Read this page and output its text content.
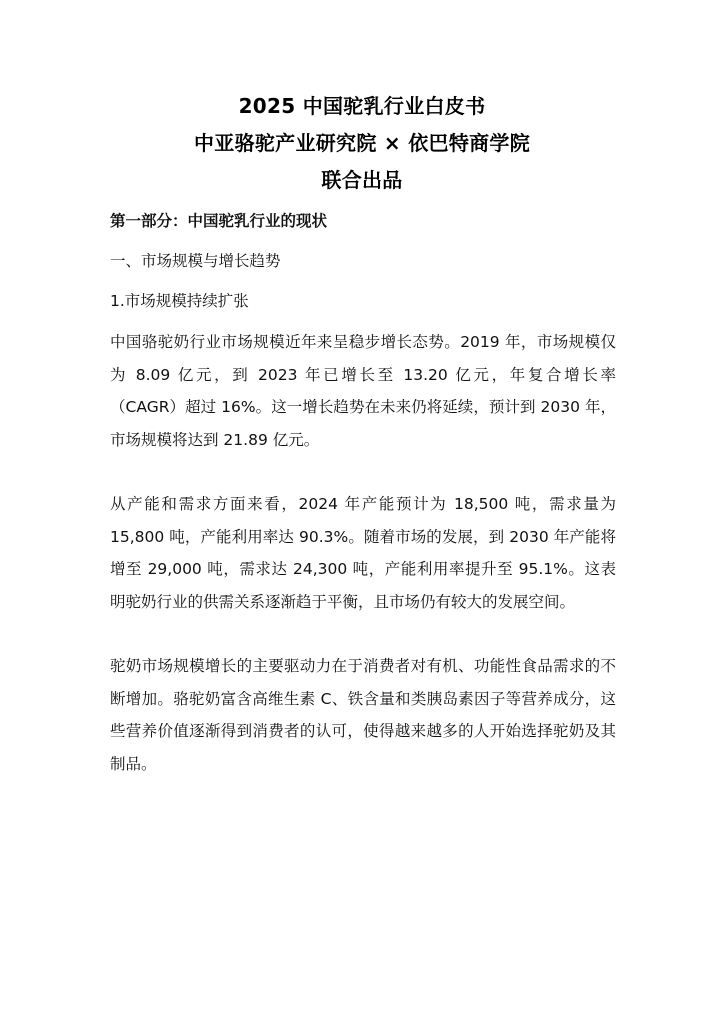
2025 中国驼乳行业白皮书
中亚骆驼产业研究院 × 依巴特商学院
联合出品
第一部分：中国驼乳行业的现状
一、市场规模与增长趋势
1.市场规模持续扩张

中国骆驼奶行业市场规模近年来呈稳步增长态势。2019 年，市场规模仅为 8.09 亿元，到 2023 年已增长至 13.20 亿元，年复合增长率（CAGR）超过 16%。这一增长趋势在未来仍将延续，预计到 2030 年，市场规模将达到 21.89 亿元。

从产能和需求方面来看，2024 年产能预计为 18,500 吨，需求量为 15,800 吨，产能利用率达 90.3%。随着市场的发展，到 2030 年产能将增至 29,000 吨，需求达 24,300 吨，产能利用率提升至 95.1%。这表明驼奶行业的供需关系逐渐趋于平衡，且市场仍有较大的发展空间。

驼奶市场规模增长的主要驱动力在于消费者对有机、功能性食品需求的不断增加。骆驼奶富含高维生素 C、铁含量和类胰岛素因子等营养成分，这些营养价值逐渐得到消费者的认可，使得越来越多的人开始选择驼奶及其制品。
